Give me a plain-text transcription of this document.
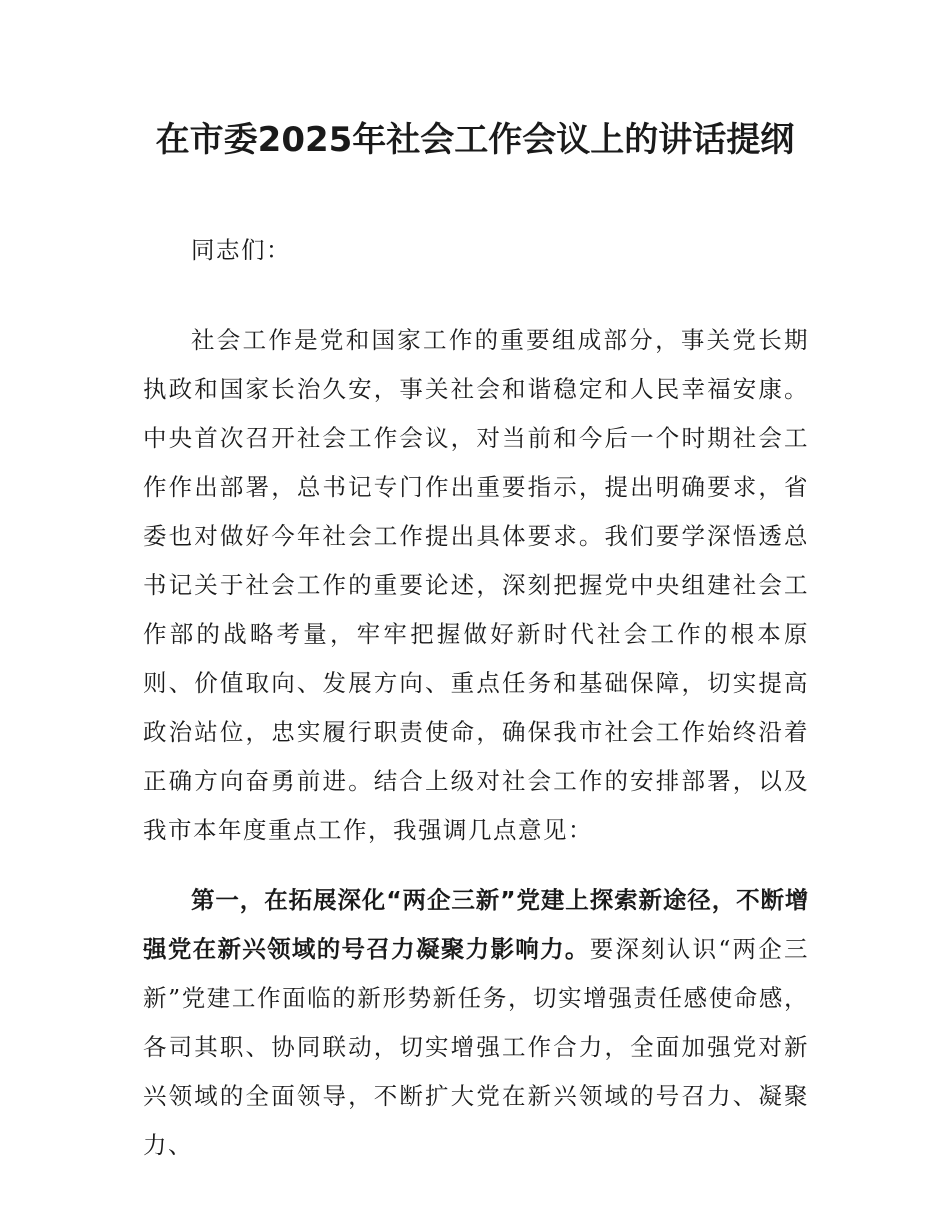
在市委2025年社会工作会议上的讲话提纲

同志们：

社会工作是党和国家工作的重要组成部分，事关党长期执政和国家长治久安，事关社会和谐稳定和人民幸福安康。中央首次召开社会工作会议，对当前和今后一个时期社会工作作出部署，总书记专门作出重要指示，提出明确要求，省委也对做好今年社会工作提出具体要求。我们要学深悟透总书记关于社会工作的重要论述，深刻把握党中央组建社会工作部的战略考量，牢牢把握做好新时代社会工作的根本原则、价值取向、发展方向、重点任务和基础保障，切实提高政治站位，忠实履行职责使命，确保我市社会工作始终沿着正确方向奋勇前进。结合上级对社会工作的安排部署，以及我市本年度重点工作，我强调几点意见：

第一，在拓展深化“两企三新”党建上探索新途径，不断增强党在新兴领域的号召力凝聚力影响力。要深刻认识“两企三新”党建工作面临的新形势新任务，切实增强责任感使命感，各司其职、协同联动，切实增强工作合力，全面加强党对新兴领域的全面领导，不断扩大党在新兴领域的号召力、凝聚力、
